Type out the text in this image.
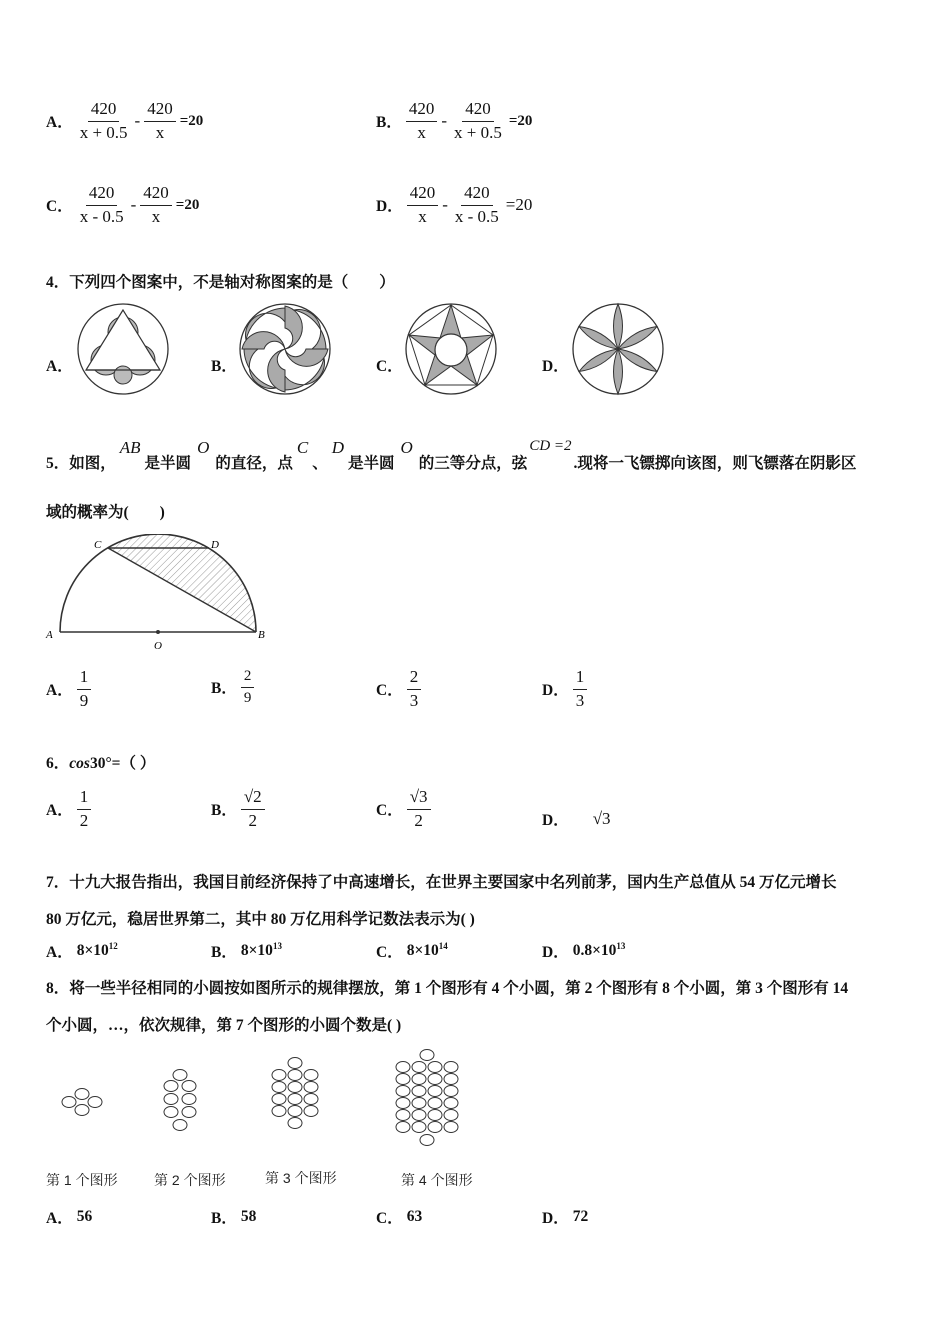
A． $\frac{420}{x + 0.5} - \frac{420}{x} =20$	B． $\frac{420}{x} - \frac{420}{x + 0.5} =20$
C． $\frac{420}{x - 0.5} - \frac{420}{x} =20$	D． $\frac{420}{x} - \frac{420}{x - 0.5} =20$
4．下列四个图案中，不是轴对称图案的是（　　）
A．	B．	C．	D．
5．如图，
AB
是半圆
O
的直径，点
C
、
D
是半圆
O
的三等分点，弦
CD =2
.现将一飞镖掷向该图，则飞镖落在阴影区
域的概率为(　　)
C	D
A	B
O
A． $\frac{1}{9}$	B． $\frac{2}{9}$	C． $\frac{2}{3}$	D． $\frac{1}{3}$
6．cos30°=（ ）
A． $\frac{1}{2}$	B． $\frac{√2}{2}$	C． $\frac{√3}{2}$	D． √3
7．十九大报告指出，我国目前经济保持了中高速增长，在世界主要国家中名列前茅，国内生产总值从 54 万亿元增长
80 万亿元，稳居世界第二，其中 80 万亿用科学记数法表示为( )
A． $8\times 10^{12}$	B． $8\times 10^{13}$	C． $8\times 10^{14}$	D． $0.8\times 10^{13}$
8．将一些半径相同的小圆按如图所示的规律摆放，第 1 个图形有 4 个小圆，第 2 个图形有 8 个小圆，第 3 个图形有 14
个小圆，…，依次规律，第 7 个图形的小圆个数是( )
第 1 个图形	第 2 个图形	第 3 个图形	第 4 个图形
A． 56	B． 58	C． 63	D． 72
